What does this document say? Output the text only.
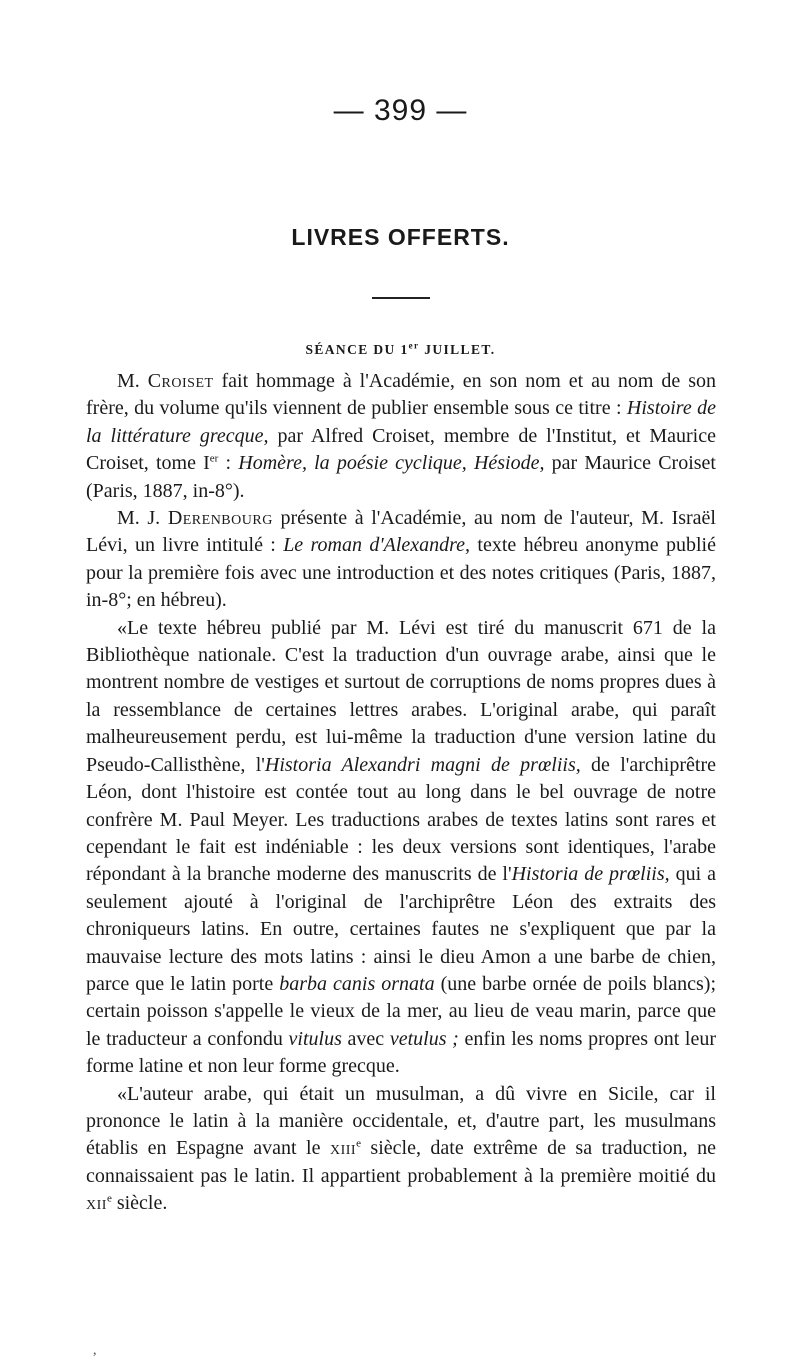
— 399 —
LIVRES OFFERTS.
SÉANCE DU 1er JUILLET.

M. Croiset fait hommage à l'Académie, en son nom et au nom de son frère, du volume qu'ils viennent de publier ensemble sous ce titre : Histoire de la littérature grecque, par Alfred Croiset, membre de l'Institut, et Maurice Croiset, tome Ier : Homère, la poésie cyclique, Hésiode, par Maurice Croiset (Paris, 1887, in-8°).

M. J. Derenbourg présente à l'Académie, au nom de l'auteur, M. Israël Lévi, un livre intitulé : Le roman d'Alexandre, texte hébreu anonyme publié pour la première fois avec une introduction et des notes critiques (Paris, 1887, in-8°; en hébreu).

«Le texte hébreu publié par M. Lévi est tiré du manuscrit 671 de la Bibliothèque nationale. C'est la traduction d'un ouvrage arabe, ainsi que le montrent nombre de vestiges et surtout de corruptions de noms propres dues à la ressemblance de certaines lettres arabes. L'original arabe, qui paraît malheureusement perdu, est lui-même la traduction d'une version latine du Pseudo-Callisthène, l'Historia Alexandri magni de prœliis, de l'archiprêtre Léon, dont l'histoire est contée tout au long dans le bel ouvrage de notre confrère M. Paul Meyer. Les traductions arabes de textes latins sont rares et cependant le fait est indéniable : les deux versions sont identiques, l'arabe répondant à la branche moderne des manuscrits de l'Historia de prœliis, qui a seulement ajouté à l'original de l'archiprêtre Léon des extraits des chroniqueurs latins. En outre, certaines fautes ne s'expliquent que par la mauvaise lecture des mots latins : ainsi le dieu Amon a une barbe de chien, parce que le latin porte barba canis ornata (une barbe ornée de poils blancs); certain poisson s'appelle le vieux de la mer, au lieu de veau marin, parce que le traducteur a confondu vitulus avec vetulus ; enfin les noms propres ont leur forme latine et non leur forme grecque.

«L'auteur arabe, qui était un musulman, a dû vivre en Sicile, car il prononce le latin à la manière occidentale, et, d'autre part, les musulmans établis en Espagne avant le xiii$^e$ siècle, date extrême de sa traduction, ne connaissaient pas le latin. Il appartient probablement à la première moitié du xii$^e$ siècle.

,
